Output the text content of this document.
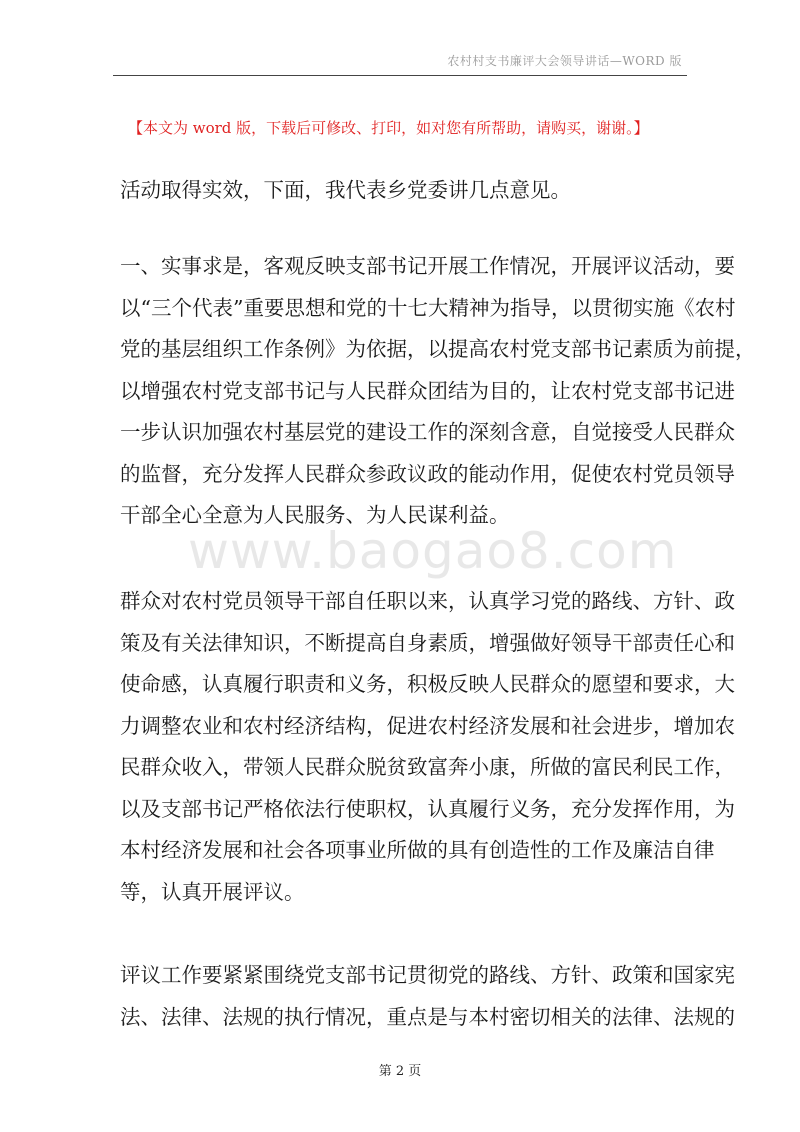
农村村支书廉评大会领导讲话—WORD 版
【本文为 word 版，下载后可修改、打印，如对您有所帮助，请购买，谢谢。】
www.baogao8.com

活动取得实效，下面，我代表乡党委讲几点意见。

一、实事求是，客观反映支部书记开展工作情况，开展评议活动，要
以“三个代表”重要思想和党的十七大精神为指导，以贯彻实施《农村
党的基层组织工作条例》为依据，以提高农村党支部书记素质为前提，
以增强农村党支部书记与人民群众团结为目的，让农村党支部书记进
一步认识加强农村基层党的建设工作的深刻含意，自觉接受人民群众
的监督，充分发挥人民群众参政议政的能动作用，促使农村党员领导
干部全心全意为人民服务、为人民谋利益。

群众对农村党员领导干部自任职以来，认真学习党的路线、方针、政
策及有关法律知识，不断提高自身素质，增强做好领导干部责任心和
使命感，认真履行职责和义务，积极反映人民群众的愿望和要求，大
力调整农业和农村经济结构，促进农村经济发展和社会进步，增加农
民群众收入，带领人民群众脱贫致富奔小康，所做的富民利民工作，
以及支部书记严格依法行使职权，认真履行义务，充分发挥作用，为
本村经济发展和社会各项事业所做的具有创造性的工作及廉洁自律
等，认真开展评议。

评议工作要紧紧围绕党支部书记贯彻党的路线、方针、政策和国家宪
法、法律、法规的执行情况，重点是与本村密切相关的法律、法规的

第 2 页
